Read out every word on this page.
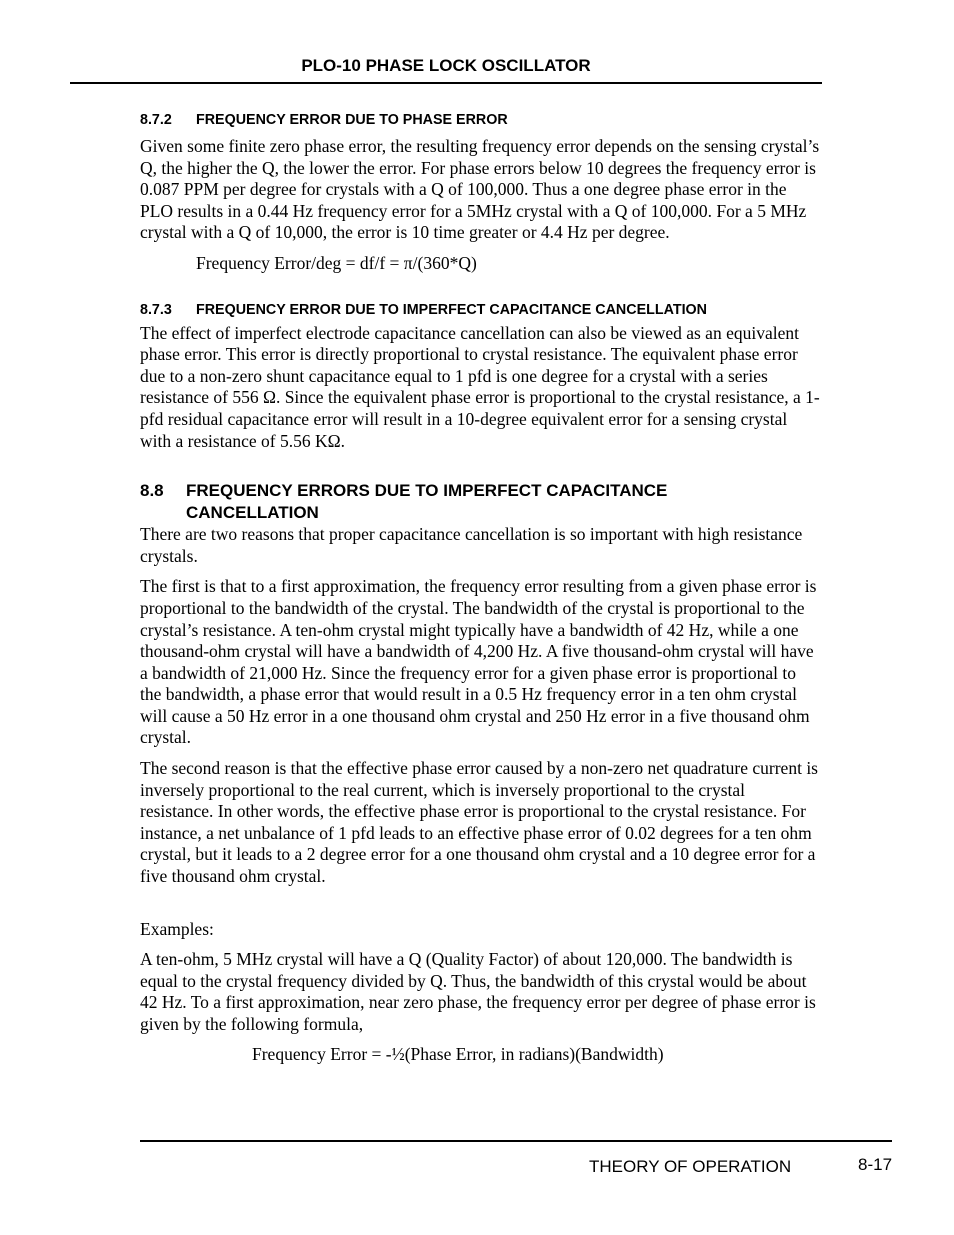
PLO-10 PHASE LOCK OSCILLATOR
8.7.2	FREQUENCY ERROR DUE TO PHASE ERROR

Given some finite zero phase error, the resulting frequency error depends on the sensing crystal’s Q, the higher the Q, the lower the error. For phase errors below 10 degrees the frequency error is 0.087 PPM per degree for crystals with a Q of 100,000. Thus a one degree phase error in the PLO results in a 0.44 Hz frequency error for a 5MHz crystal with a Q of 100,000. For a 5 MHz crystal with a Q of 10,000, the error is 10 time greater or 4.4 Hz per degree.

Frequency Error/deg = df/f = π/(360*Q)

8.7.3	FREQUENCY ERROR DUE TO IMPERFECT CAPACITANCE CANCELLATION

The effect of imperfect electrode capacitance cancellation can also be viewed as an equivalent phase error. This error is directly proportional to crystal resistance. The equivalent phase error due to a non-zero shunt capacitance equal to 1 pfd is one degree for a crystal with a series resistance of 556 Ω. Since the equivalent phase error is proportional to the crystal resistance, a 1-pfd residual capacitance error will result in a 10-degree equivalent error for a sensing crystal with a resistance of 5.56 KΩ.

8.8	FREQUENCY ERRORS DUE TO IMPERFECT CAPACITANCE
CANCELLATION

There are two reasons that proper capacitance cancellation is so important with high resistance crystals.

The first is that to a first approximation, the frequency error resulting from a given phase error is proportional to the bandwidth of the crystal. The bandwidth of the crystal is proportional to the crystal’s resistance. A ten-ohm crystal might typically have a bandwidth of 42 Hz, while a one thousand-ohm crystal will have a bandwidth of 4,200 Hz. A five thousand-ohm crystal will have a bandwidth of 21,000 Hz. Since the frequency error for a given phase error is proportional to the bandwidth, a phase error that would result in a 0.5 Hz frequency error in a ten ohm crystal will cause a 50 Hz error in a one thousand ohm crystal and 250 Hz error in a five thousand ohm crystal.

The second reason is that the effective phase error caused by a non-zero net quadrature current is inversely proportional to the real current, which is inversely proportional to the crystal resistance. In other words, the effective phase error is proportional to the crystal resistance. For instance, a net unbalance of 1 pfd leads to an effective phase error of 0.02 degrees for a ten ohm crystal, but it leads to a 2 degree error for a one thousand ohm crystal and a 10 degree error for a five thousand ohm crystal.

Examples:

A ten-ohm, 5 MHz crystal will have a Q (Quality Factor) of about 120,000. The bandwidth is equal to the crystal frequency divided by Q. Thus, the bandwidth of this crystal would be about 42 Hz. To a first approximation, near zero phase, the frequency error per degree of phase error is given by the following formula,

Frequency Error = -½(Phase Error, in radians)(Bandwidth)

THEORY OF OPERATION	8-17
